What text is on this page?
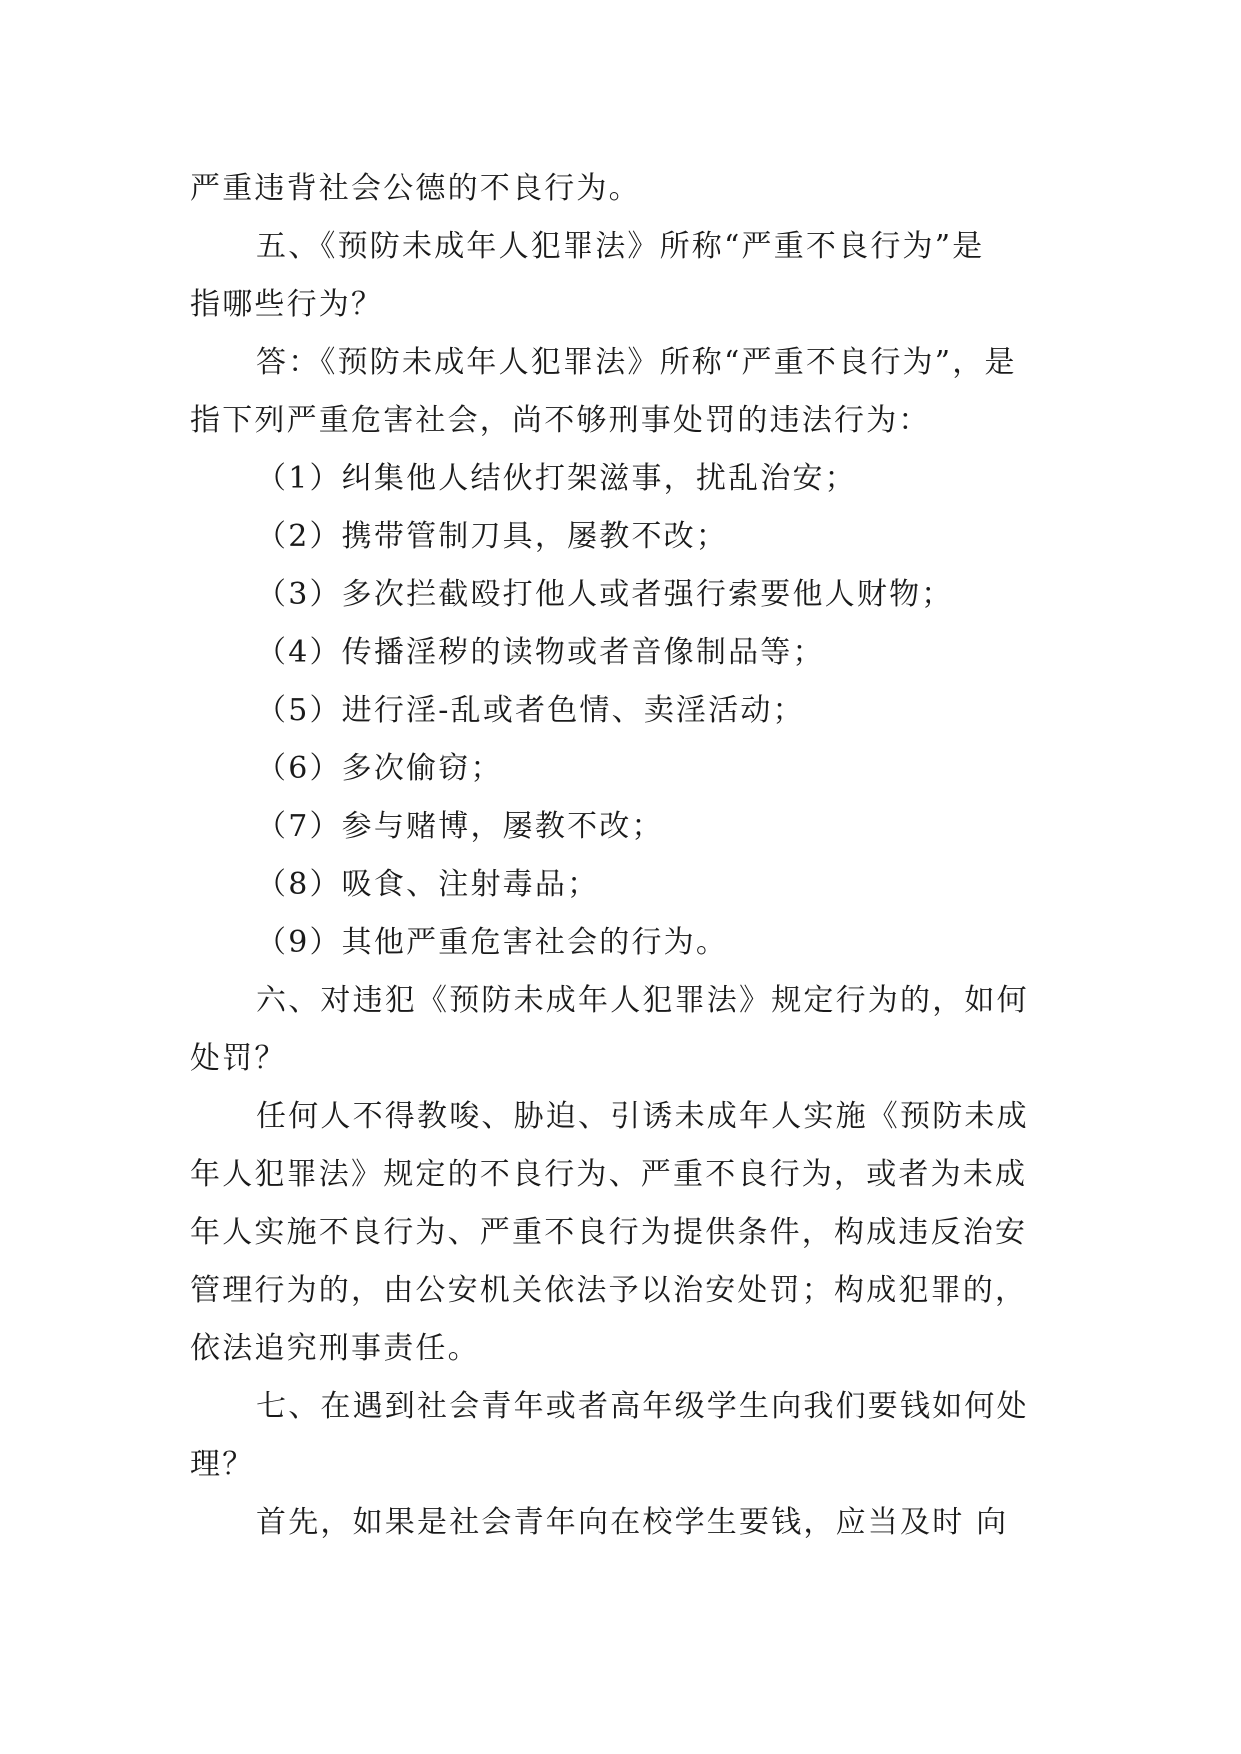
严重违背社会公德的不良行为。
五、《预防未成年人犯罪法》所称“严重不良行为”是
指哪些行为？
答：《预防未成年人犯罪法》所称“严重不良行为”，是
指下列严重危害社会，尚不够刑事处罚的违法行为：
（1）纠集他人结伙打架滋事，扰乱治安；
（2）携带管制刀具，屡教不改；
（3）多次拦截殴打他人或者强行索要他人财物；
（4）传播淫秽的读物或者音像制品等；
（5）进行淫-乱或者色情、卖淫活动；
（6）多次偷窃；
（7）参与赌博，屡教不改；
（8）吸食、注射毒品；
（9）其他严重危害社会的行为。
六、对违犯《预防未成年人犯罪法》规定行为的，如何
处罚？
任何人不得教唆、胁迫、引诱未成年人实施《预防未成
年人犯罪法》规定的不良行为、严重不良行为，或者为未成
年人实施不良行为、严重不良行为提供条件，构成违反治安
管理行为的，由公安机关依法予以治安处罚；构成犯罪的，
依法追究刑事责任。
七、在遇到社会青年或者高年级学生向我们要钱如何处
理？
首先，如果是社会青年向在校学生要钱，应当及时 向
